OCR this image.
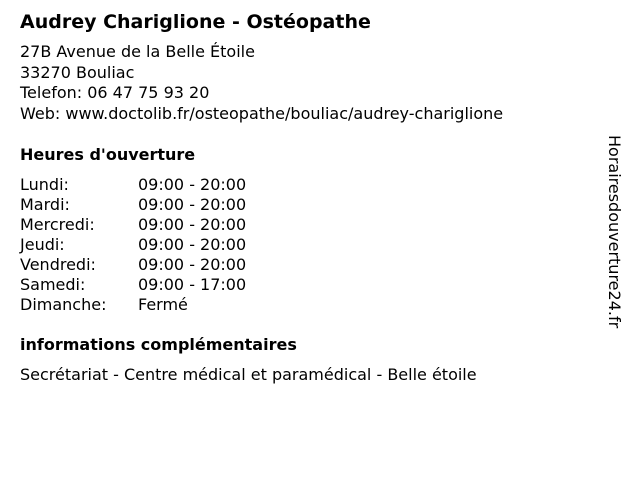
Audrey Chariglione - Ostéopathe
27B Avenue de la Belle Étoile
33270 Bouliac
Telefon: 06 47 75 93 20
Web: www.doctolib.fr/osteopathe/bouliac/audrey-chariglione
Heures d'ouverture
Lundi:	09:00 - 20:00
Mardi:	09:00 - 20:00
Mercredi:	09:00 - 20:00
Jeudi:	09:00 - 20:00
Vendredi:	09:00 - 20:00
Samedi:	09:00 - 17:00
Dimanche:	Fermé
informations complémentaires
Secrétariat - Centre médical et paramédical - Belle étoile
Horairesdouverture24.fr
